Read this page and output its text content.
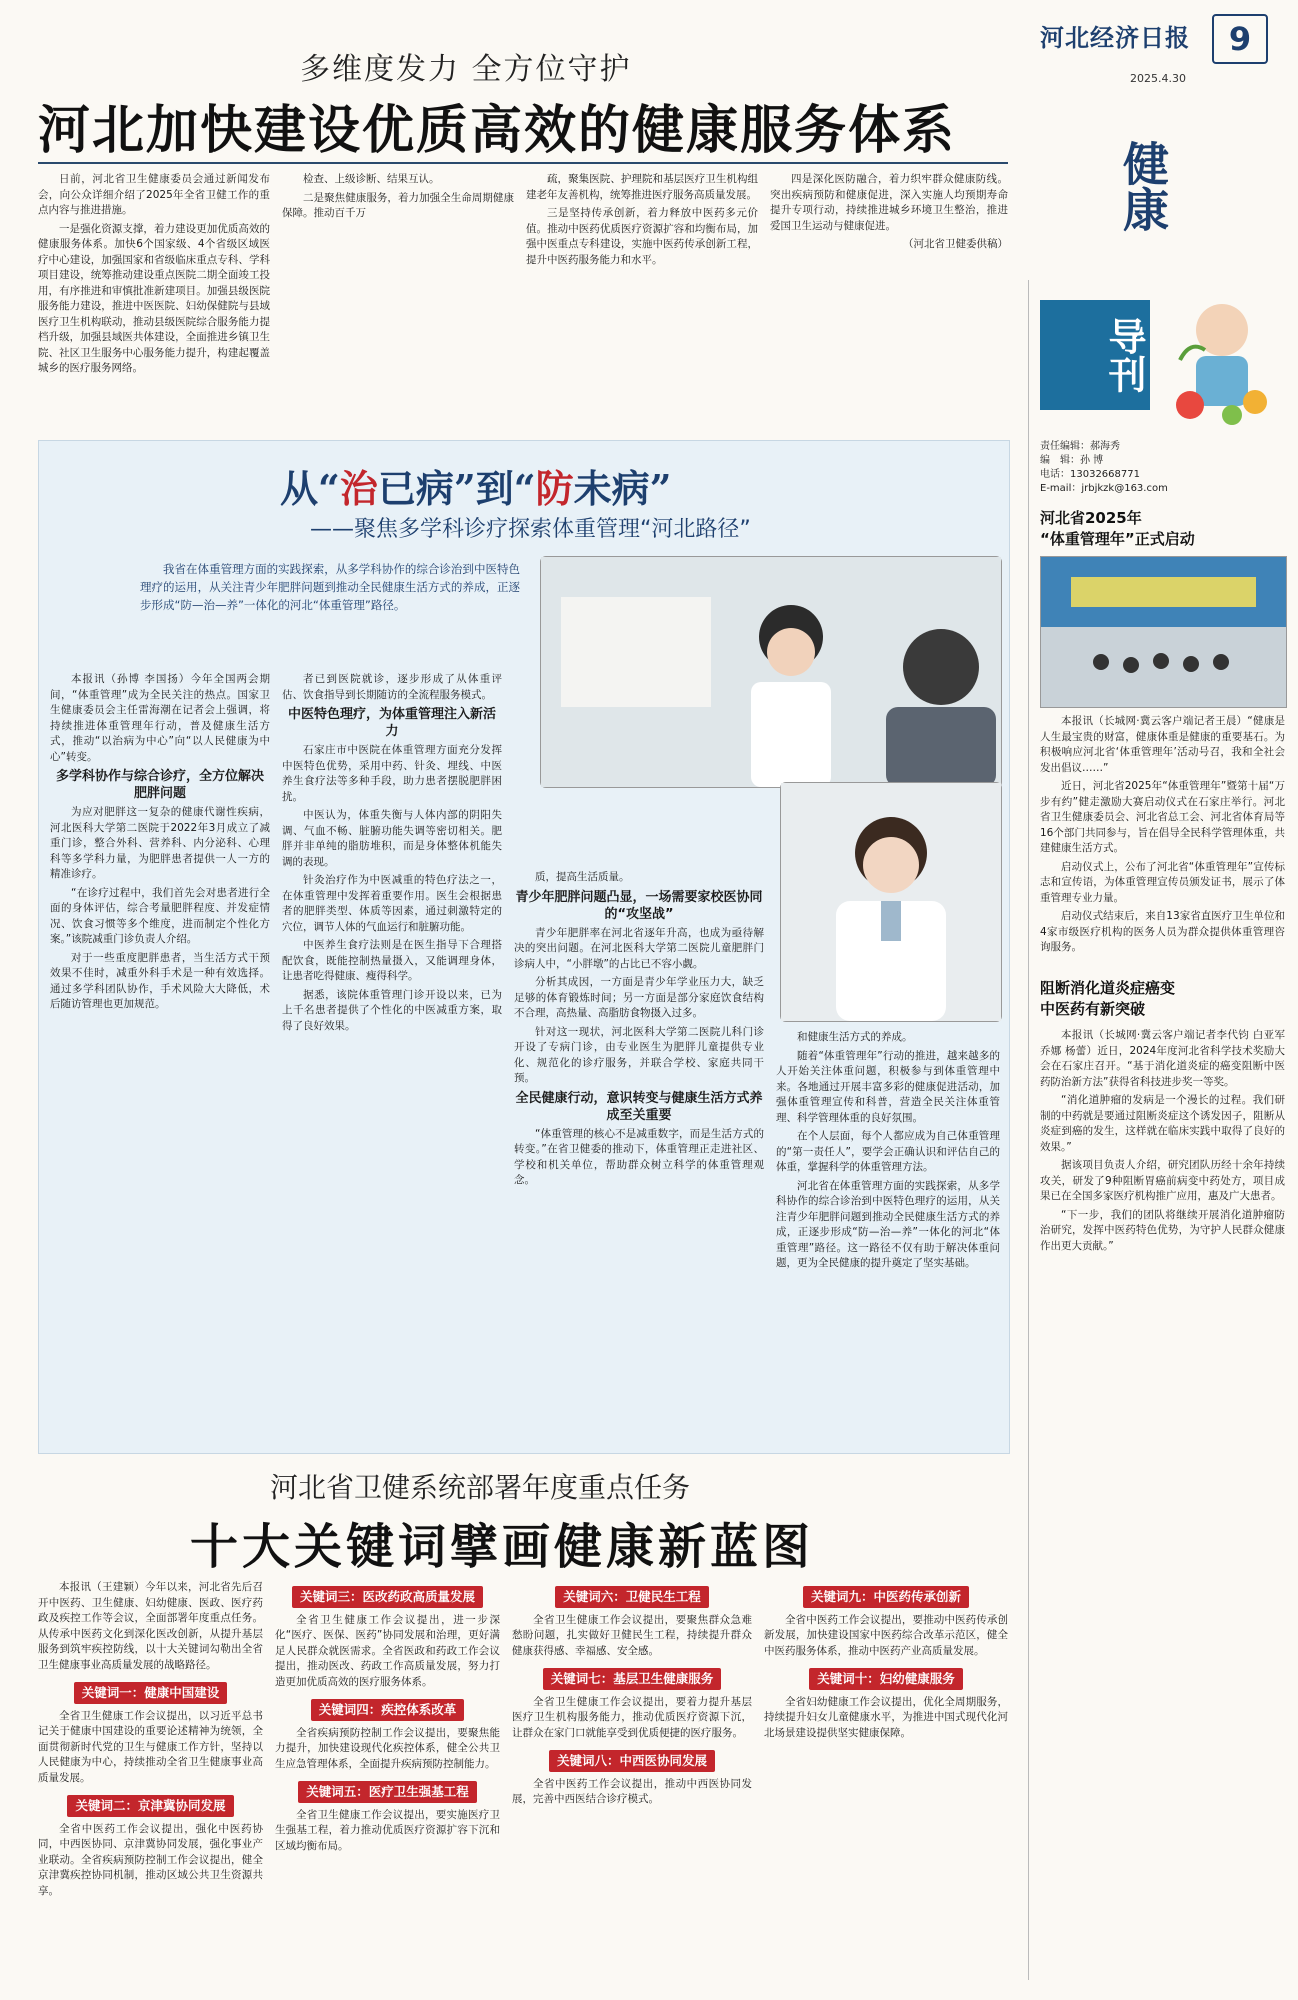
河北经济日报	9
2025.4.30
健康
多维度发力 全方位守护
河北加快建设优质高效的健康服务体系

日前，河北省卫生健康委员会通过新闻发布会，向公众详细介绍了2025年全省卫健工作的重点内容与推进措施。

一是强化资源支撑，着力建设更加优质高效的健康服务体系。加快6个国家级、4个省级区域医疗中心建设，加强国家和省级临床重点专科、学科项目建设，统筹推动建设重点医院二期全面竣工投用，有序推进和审慎批准新建项目。加强县级医院服务能力建设，推进中医医院、妇幼保健院与县域医疗卫生机构联动，推动县级医院综合服务能力提档升级，加强县域医共体建设，全面推进乡镇卫生院、社区卫生服务中心服务能力提升，构建起覆盖城乡的医疗服务网络。

检查、上级诊断、结果互认。

二是聚焦健康服务，着力加强全生命周期健康保障。推动百千万

疏，聚集医院、护理院和基层医疗卫生机构组建老年友善机构，统筹推进医疗服务高质量发展。

三是坚持传承创新，着力释放中医药多元价值。推动中医药优质医疗资源扩容和均衡布局，加强中医重点专科建设，实施中医药传承创新工程，提升中医药服务能力和水平。

四是深化医防融合，着力织牢群众健康防线。突出疾病预防和健康促进，深入实施人均预期寿命提升专项行动，持续推进城乡环境卫生整治，推进爱国卫生运动与健康促进。

（河北省卫健委供稿）

导刊
责任编辑：郝海秀
编　辑：孙 博
电话：13032668771
E-mail：jrbjkzk@163.com
河北省2025年
“体重管理年”正式启动

本报讯（长城网·冀云客户端记者王晨）“健康是人生最宝贵的财富，健康体重是健康的重要基石。为积极响应河北省‘体重管理年’活动号召，我和全社会发出倡议……”

近日，河北省2025年“体重管理年”暨第十届“万步有约”健走激励大赛启动仪式在石家庄举行。河北省卫生健康委员会、河北省总工会、河北省体育局等16个部门共同参与，旨在倡导全民科学管理体重，共建健康生活方式。

启动仪式上，公布了河北省“体重管理年”宣传标志和宣传语，为体重管理宣传员颁发证书，展示了体重管理专业力量。

启动仪式结束后，来自13家省直医疗卫生单位和4家市级医疗机构的医务人员为群众提供体重管理咨询服务。

阻断消化道炎症癌变
中医药有新突破

本报讯（长城网·冀云客户端记者李代钧 白亚军 乔娜 杨蕾）近日，2024年度河北省科学技术奖励大会在石家庄召开。“基于消化道炎症的癌变阻断中医药防治新方法”获得省科技进步奖一等奖。

“消化道肿瘤的发病是一个漫长的过程。我们研制的中药就是要通过阻断炎症这个诱发因子，阻断从炎症到癌的发生，这样就在临床实践中取得了良好的效果。”

据该项目负责人介绍，研究团队历经十余年持续攻关，研发了9种阻断胃癌前病变中药处方，项目成果已在全国多家医疗机构推广应用，惠及广大患者。

“下一步，我们的团队将继续开展消化道肿瘤防治研究，发挥中医药特色优势，为守护人民群众健康作出更大贡献。”

从“治已病”到“防未病”
——聚焦多学科诊疗探索体重管理“河北路径”
我省在体重管理方面的实践探索，从多学科协作的综合诊治到中医特色理疗的运用，从关注青少年肥胖问题到推动全民健康生活方式的养成，正逐步形成“防—治—养”一体化的河北“体重管理”路径。

本报讯（孙博 李国扬）今年全国两会期间，“体重管理”成为全民关注的热点。国家卫生健康委员会主任雷海潮在记者会上强调，将持续推进体重管理年行动，普及健康生活方式，推动“以治病为中心”向“以人民健康为中心”转变。

多学科协作与综合诊疗，全方位解决肥胖问题

为应对肥胖这一复杂的健康代谢性疾病，河北医科大学第二医院于2022年3月成立了减重门诊，整合外科、营养科、内分泌科、心理科等多学科力量，为肥胖患者提供一人一方的精准诊疗。

“在诊疗过程中，我们首先会对患者进行全面的身体评估，综合考量肥胖程度、并发症情况、饮食习惯等多个维度，进而制定个性化方案。”该院减重门诊负责人介绍。

对于一些重度肥胖患者，当生活方式干预效果不佳时，减重外科手术是一种有效选择。通过多学科团队协作，手术风险大大降低，术后随访管理也更加规范。

者已到医院就诊，逐步形成了从体重评估、饮食指导到长期随访的全流程服务模式。

中医特色理疗，为体重管理注入新活力

石家庄市中医院在体重管理方面充分发挥中医特色优势，采用中药、针灸、埋线、中医养生食疗法等多种手段，助力患者摆脱肥胖困扰。

中医认为，体重失衡与人体内部的阴阳失调、气血不畅、脏腑功能失调等密切相关。肥胖并非单纯的脂肪堆积，而是身体整体机能失调的表现。

针灸治疗作为中医减重的特色疗法之一，在体重管理中发挥着重要作用。医生会根据患者的肥胖类型、体质等因素，通过刺激特定的穴位，调节人体的气血运行和脏腑功能。

中医养生食疗法则是在医生指导下合理搭配饮食，既能控制热量摄入，又能调理身体，让患者吃得健康、瘦得科学。

据悉，该院体重管理门诊开设以来，已为上千名患者提供了个性化的中医减重方案，取得了良好效果。

质，提高生活质量。

青少年肥胖问题凸显，一场需要家校医协同的“攻坚战”

青少年肥胖率在河北省逐年升高，也成为亟待解决的突出问题。在河北医科大学第二医院儿童肥胖门诊病人中，“小胖墩”的占比已不容小觑。

分析其成因，一方面是青少年学业压力大，缺乏足够的体育锻炼时间；另一方面是部分家庭饮食结构不合理，高热量、高脂肪食物摄入过多。

针对这一现状，河北医科大学第二医院儿科门诊开设了专病门诊，由专业医生为肥胖儿童提供专业化、规范化的诊疗服务，并联合学校、家庭共同干预。

全民健康行动，意识转变与健康生活方式养成至关重要

“体重管理的核心不是减重数字，而是生活方式的转变。”在省卫健委的推动下，体重管理正走进社区、学校和机关单位，帮助群众树立科学的体重管理观念。

和健康生活方式的养成。

随着“体重管理年”行动的推进，越来越多的人开始关注体重问题，积极参与到体重管理中来。各地通过开展丰富多彩的健康促进活动，加强体重管理宣传和科普，营造全民关注体重管理、科学管理体重的良好氛围。

在个人层面，每个人都应成为自己体重管理的“第一责任人”，要学会正确认识和评估自己的体重，掌握科学的体重管理方法。

河北省在体重管理方面的实践探索，从多学科协作的综合诊治到中医特色理疗的运用，从关注青少年肥胖问题到推动全民健康生活方式的养成，正逐步形成“防—治—养”一体化的河北“体重管理”路径。这一路径不仅有助于解决体重问题，更为全民健康的提升奠定了坚实基础。

河北省卫健系统部署年度重点任务
十大关键词擘画健康新蓝图

本报讯（王建颖）今年以来，河北省先后召开中医药、卫生健康、妇幼健康、医政、医疗药政及疾控工作等会议，全面部署年度重点任务。从传承中医药文化到深化医改创新，从提升基层服务到筑牢疾控防线，以十大关键词勾勒出全省卫生健康事业高质量发展的战略路径。

关键词一：健康中国建设

全省卫生健康工作会议提出，以习近平总书记关于健康中国建设的重要论述精神为统领，全面贯彻新时代党的卫生与健康工作方针，坚持以人民健康为中心，持续推动全省卫生健康事业高质量发展。

关键词二：京津冀协同发展

全省中医药工作会议提出，强化中医药协同，中西医协同、京津冀协同发展，强化事业产业联动。全省疾病预防控制工作会议提出，健全京津冀疾控协同机制，推动区域公共卫生资源共享。

关键词三：医改药政高质量发展

全省卫生健康工作会议提出，进一步深化“医疗、医保、医药”协同发展和治理，更好满足人民群众就医需求。全省医政和药政工作会议提出，推动医改、药政工作高质量发展，努力打造更加优质高效的医疗服务体系。

关键词四：疾控体系改革

全省疾病预防控制工作会议提出，要聚焦能力提升，加快建设现代化疾控体系，健全公共卫生应急管理体系，全面提升疾病预防控制能力。

关键词五：医疗卫生强基工程

全省卫生健康工作会议提出，要实施医疗卫生强基工程，着力推动优质医疗资源扩容下沉和区域均衡布局。

关键词六：卫健民生工程

全省卫生健康工作会议提出，要聚焦群众急难愁盼问题，扎实做好卫健民生工程，持续提升群众健康获得感、幸福感、安全感。

关键词七：基层卫生健康服务

全省卫生健康工作会议提出，要着力提升基层医疗卫生机构服务能力，推动优质医疗资源下沉，让群众在家门口就能享受到优质便捷的医疗服务。

关键词八：中西医协同发展

全省中医药工作会议提出，推动中西医协同发展，完善中西医结合诊疗模式。

关键词九：中医药传承创新

全省中医药工作会议提出，要推动中医药传承创新发展，加快建设国家中医药综合改革示范区，健全中医药服务体系，推动中医药产业高质量发展。

关键词十：妇幼健康服务

全省妇幼健康工作会议提出，优化全周期服务，持续提升妇女儿童健康水平，为推进中国式现代化河北场景建设提供坚实健康保障。
